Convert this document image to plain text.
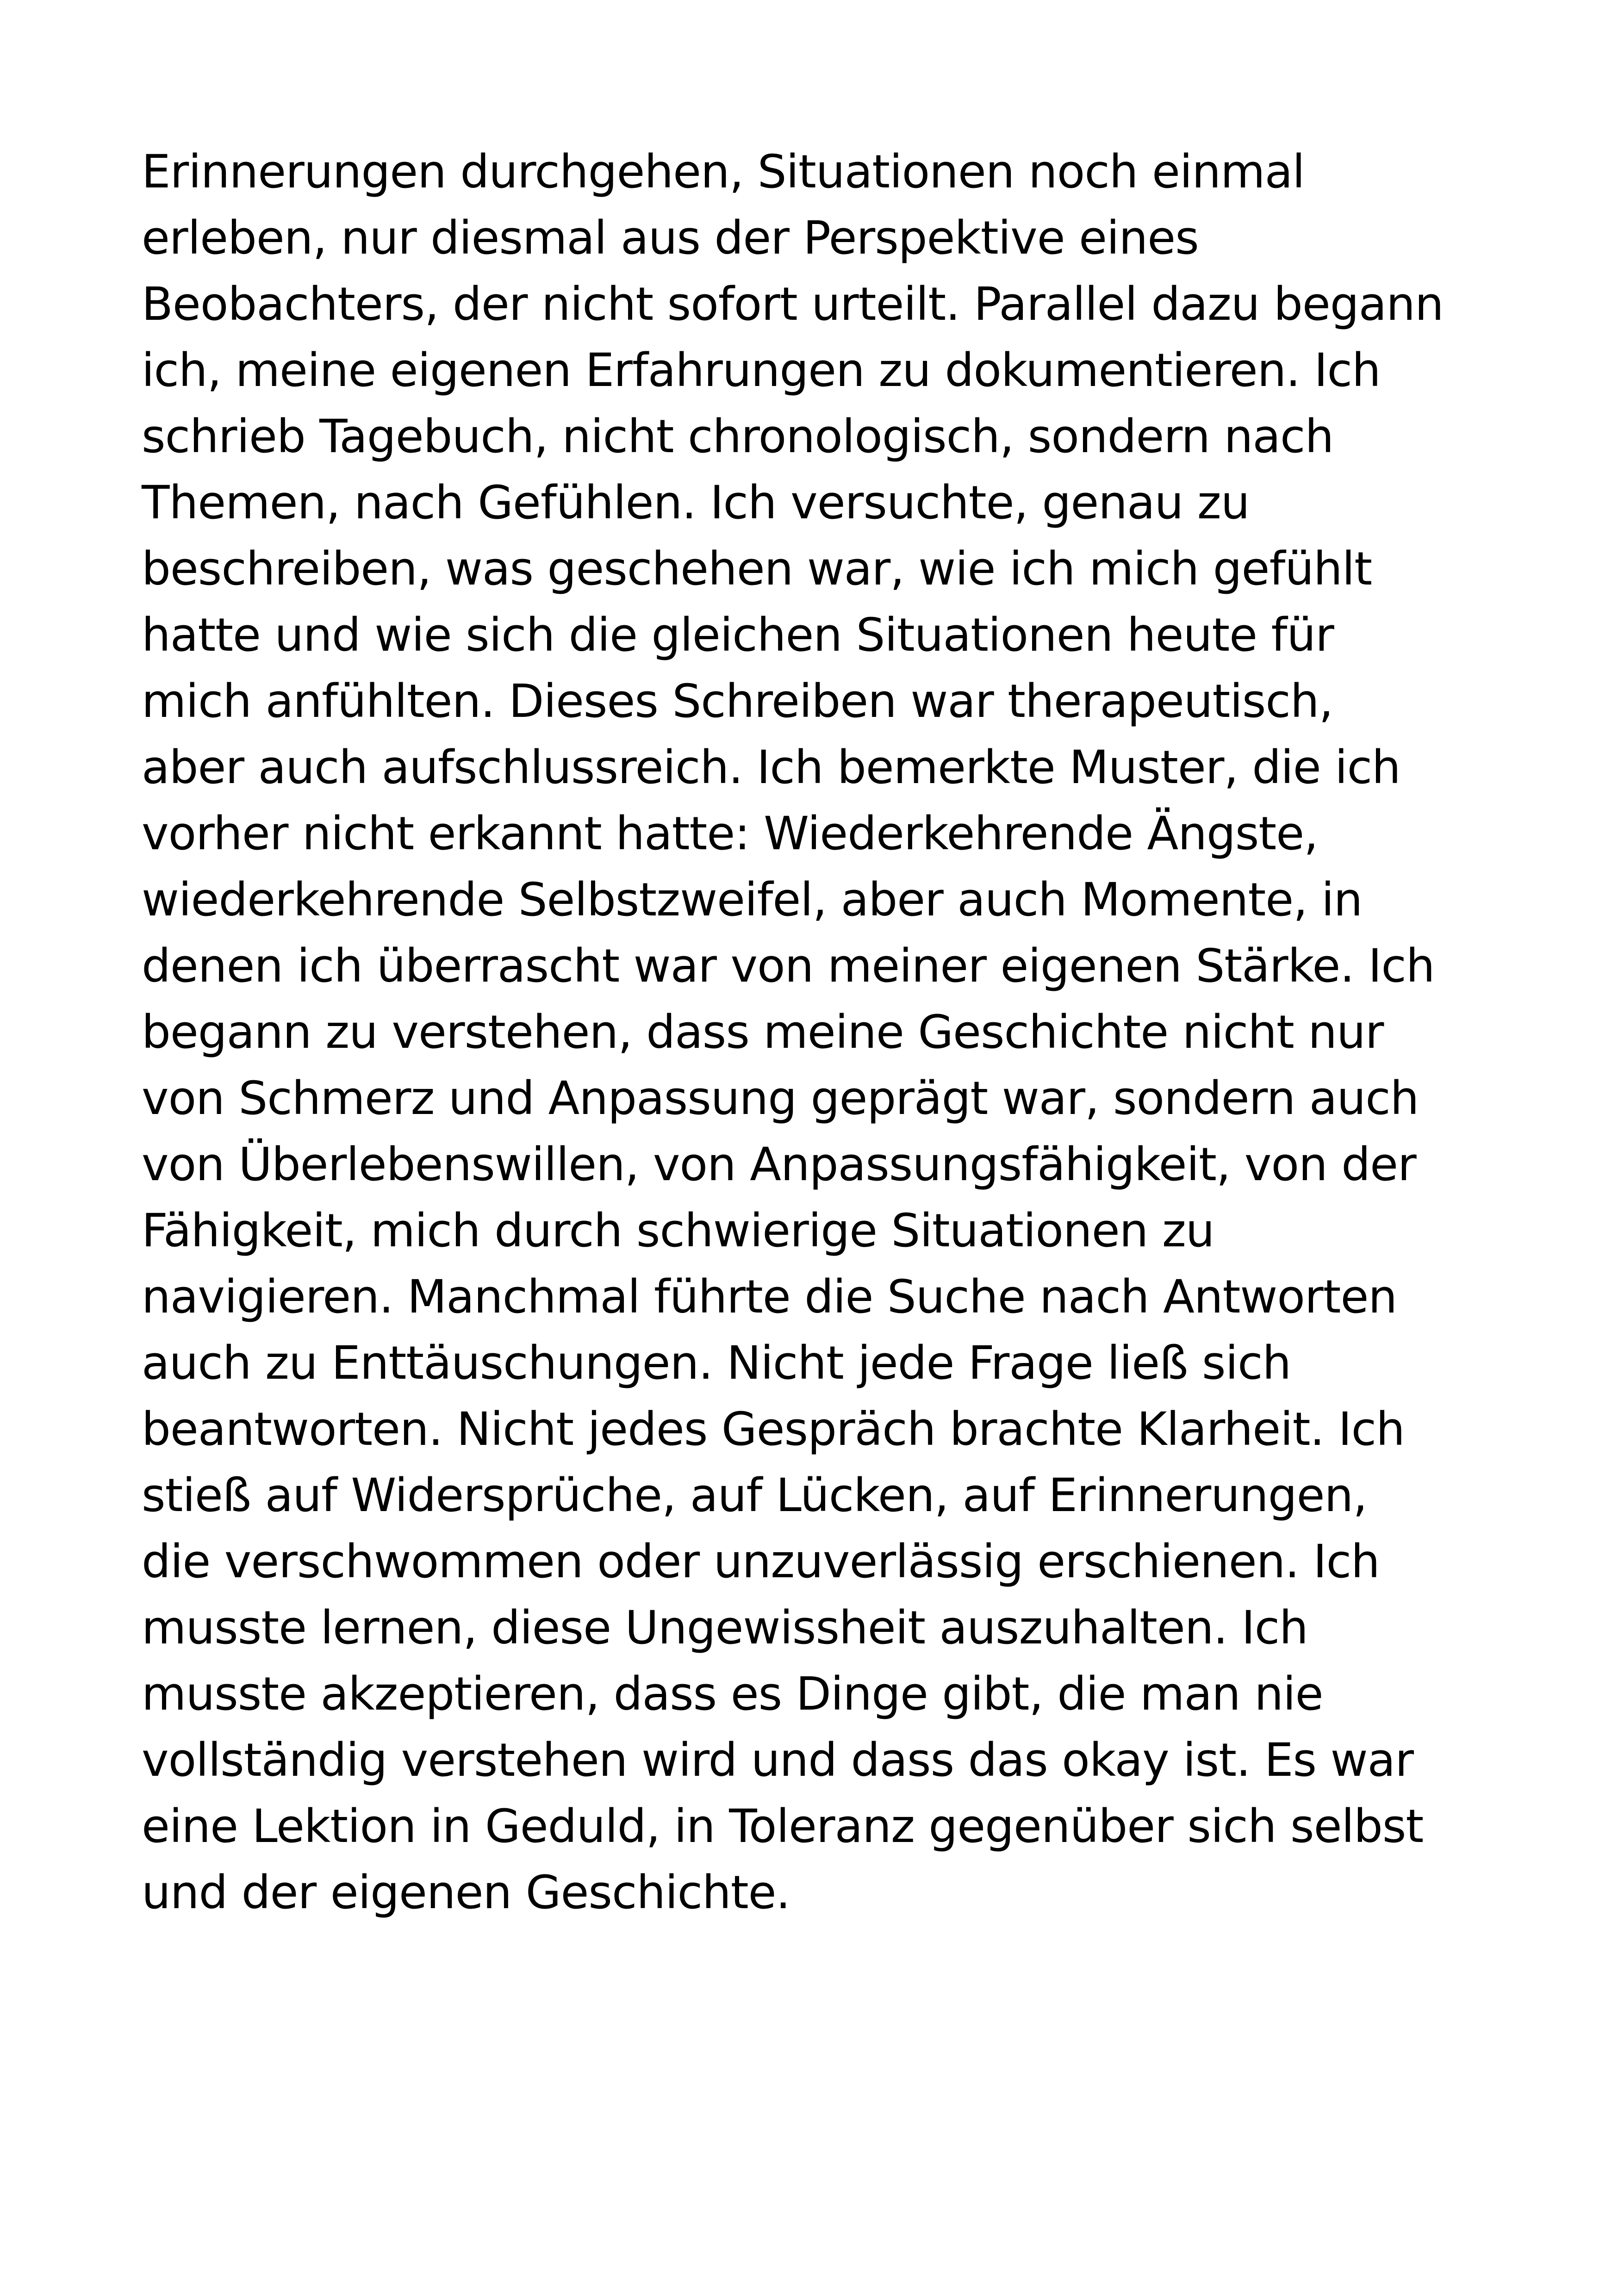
Erinnerungen durchgehen, Situationen noch einmal
erleben, nur diesmal aus der Perspektive eines
Beobachters, der nicht sofort urteilt. Parallel dazu begann
ich, meine eigenen Erfahrungen zu dokumentieren. Ich
schrieb Tagebuch, nicht chronologisch, sondern nach
Themen, nach Gefühlen. Ich versuchte, genau zu
beschreiben, was geschehen war, wie ich mich gefühlt
hatte und wie sich die gleichen Situationen heute für
mich anfühlten. Dieses Schreiben war therapeutisch,
aber auch aufschlussreich. Ich bemerkte Muster, die ich
vorher nicht erkannt hatte: Wiederkehrende Ängste,
wiederkehrende Selbstzweifel, aber auch Momente, in
denen ich überrascht war von meiner eigenen Stärke. Ich
begann zu verstehen, dass meine Geschichte nicht nur
von Schmerz und Anpassung geprägt war, sondern auch
von Überlebenswillen, von Anpassungsfähigkeit, von der
Fähigkeit, mich durch schwierige Situationen zu
navigieren. Manchmal führte die Suche nach Antworten
auch zu Enttäuschungen. Nicht jede Frage ließ sich
beantworten. Nicht jedes Gespräch brachte Klarheit. Ich
stieß auf Widersprüche, auf Lücken, auf Erinnerungen,
die verschwommen oder unzuverlässig erschienen. Ich
musste lernen, diese Ungewissheit auszuhalten. Ich
musste akzeptieren, dass es Dinge gibt, die man nie
vollständig verstehen wird und dass das okay ist. Es war
eine Lektion in Geduld, in Toleranz gegenüber sich selbst
und der eigenen Geschichte.
